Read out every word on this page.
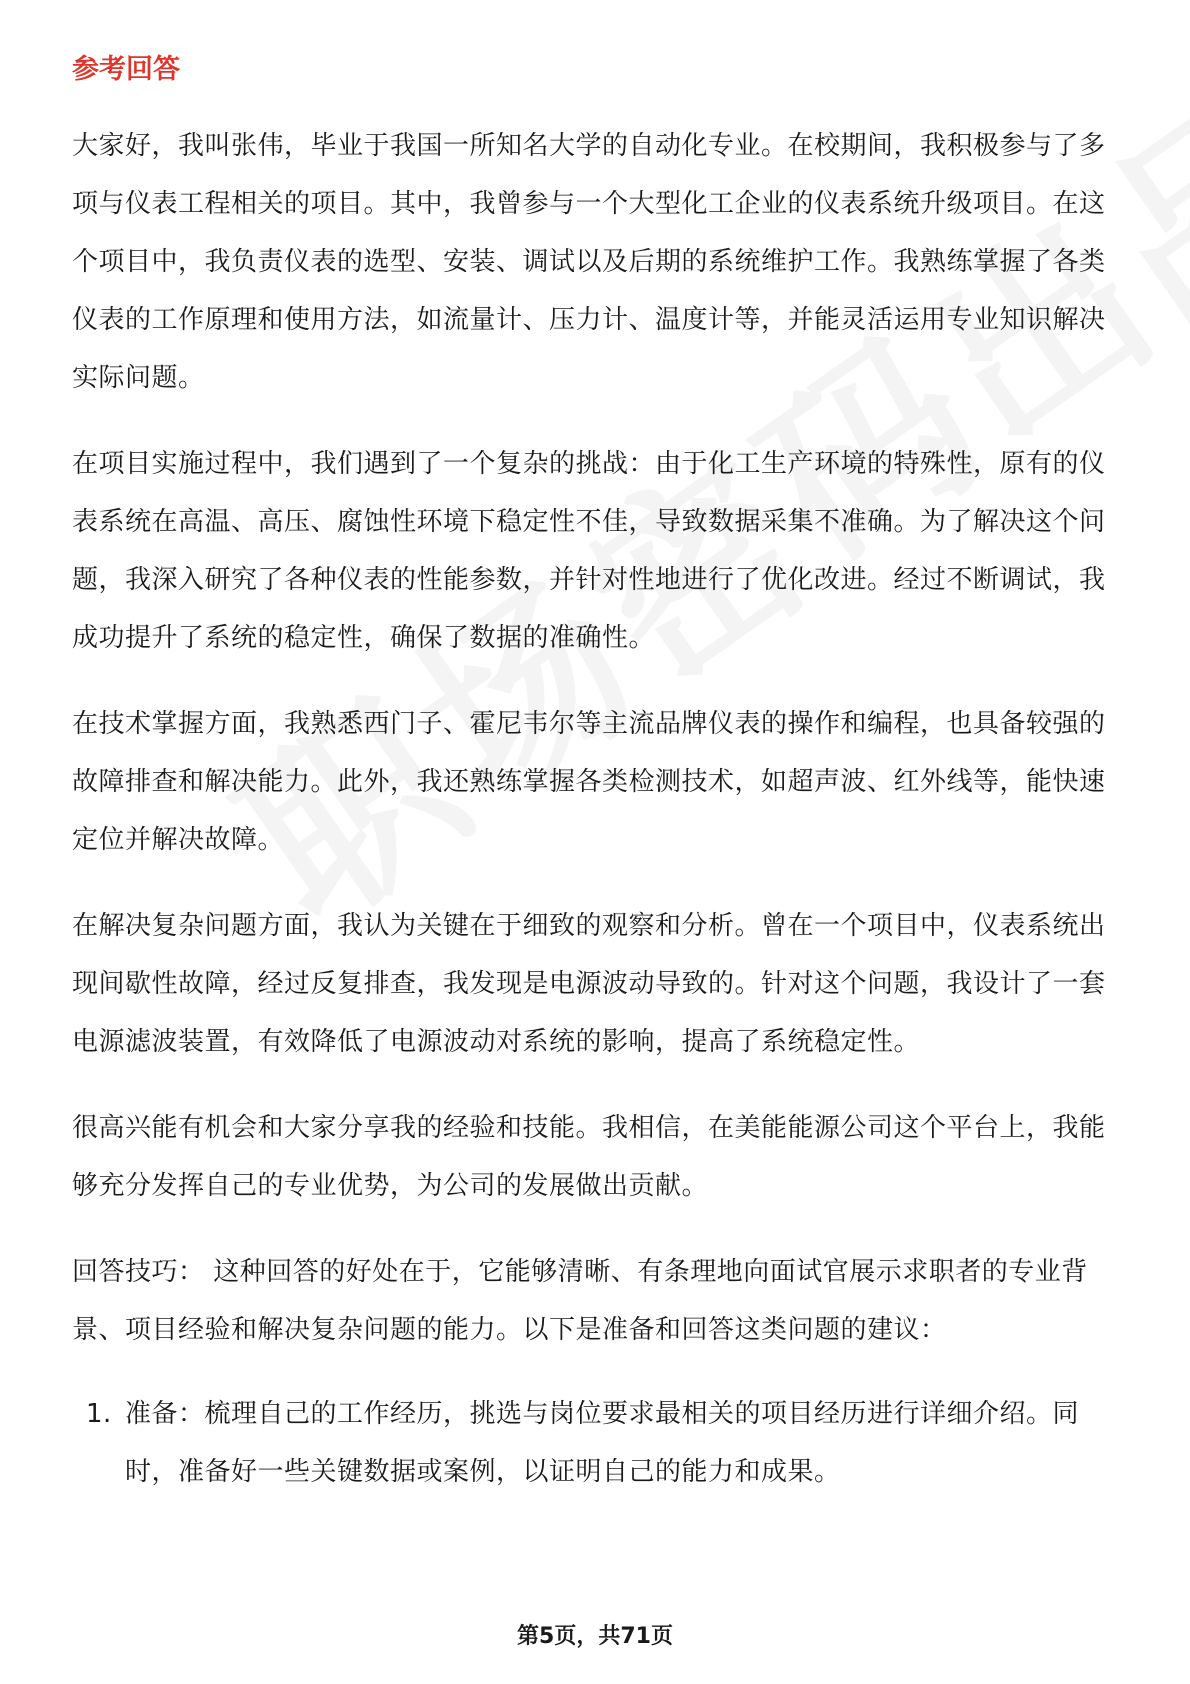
参考回答

大家好，我叫张伟，毕业于我国一所知名大学的自动化专业。在校期间，我积极参与了多项与仪表工程相关的项目。其中，我曾参与一个大型化工企业的仪表系统升级项目。在这个项目中，我负责仪表的选型、安装、调试以及后期的系统维护工作。我熟练掌握了各类仪表的工作原理和使用方法，如流量计、压力计、温度计等，并能灵活运用专业知识解决实际问题。

在项目实施过程中，我们遇到了一个复杂的挑战：由于化工生产环境的特殊性，原有的仪表系统在高温、高压、腐蚀性环境下稳定性不佳，导致数据采集不准确。为了解决这个问题，我深入研究了各种仪表的性能参数，并针对性地进行了优化改进。经过不断调试，我成功提升了系统的稳定性，确保了数据的准确性。

在技术掌握方面，我熟悉西门子、霍尼韦尔等主流品牌仪表的操作和编程，也具备较强的故障排查和解决能力。此外，我还熟练掌握各类检测技术，如超声波、红外线等，能快速定位并解决故障。

在解决复杂问题方面，我认为关键在于细致的观察和分析。曾在一个项目中，仪表系统出现间歇性故障，经过反复排查，我发现是电源波动导致的。针对这个问题，我设计了一套电源滤波装置，有效降低了电源波动对系统的影响，提高了系统稳定性。

很高兴能有机会和大家分享我的经验和技能。我相信，在美能能源公司这个平台上，我能够充分发挥自己的专业优势，为公司的发展做出贡献。

回答技巧： 这种回答的好处在于，它能够清晰、有条理地向面试官展示求职者的专业背景、项目经验和解决复杂问题的能力。以下是准备和回答这类问题的建议：

1. 准备：梳理自己的工作经历，挑选与岗位要求最相关的项目经历进行详细介绍。同时，准备好一些关键数据或案例，以证明自己的能力和成果。
第5页，共71页
